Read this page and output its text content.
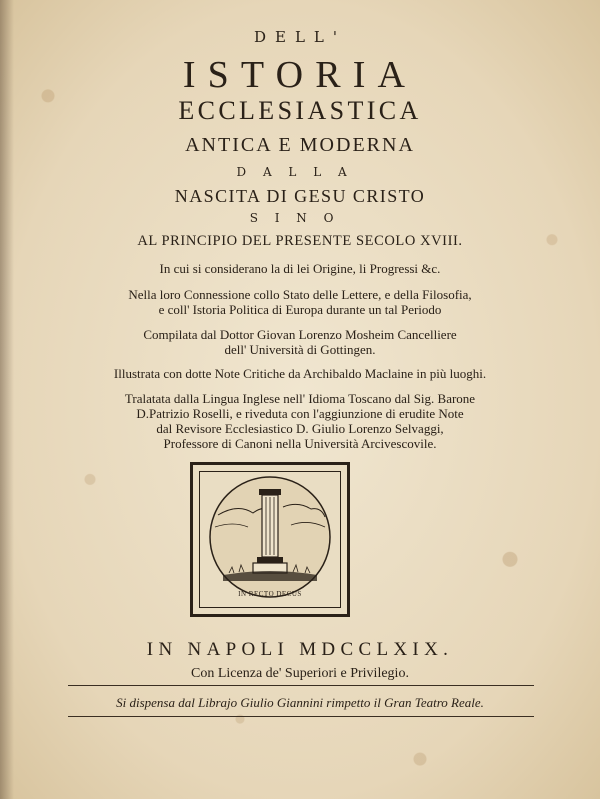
DELL'
ISTORIA
ECCLESIASTICA
ANTICA E MODERNA
DALLA
NASCITA DI GESU CRISTO
SINO
AL PRINCIPIO DEL PRESENTE SECOLO XVIII.
In cui si considerano la di lei Origine, li Progressi &c.
Nella loro Connessione collo Stato delle Lettere, e della Filosofia,
e coll' Istoria Politica di Europa durante un tal Periodo
Compilata dal Dottor Giovan Lorenzo Mosheim Cancelliere
dell' Università di Gottingen.
Illustrata con dotte Note Critiche da Archibaldo Maclaine in più luoghi.
Tralatata dalla Lingua Inglese nell' Idioma Toscano dal Sig. Barone
D.Patrizio Roselli, e riveduta con l'aggiunzione di erudite Note
dal Revisore Ecclesiastico D. Giulio Lorenzo Selvaggi,
Professore di Canoni nella Università Arcivescovile.
IN RECTO DECUS
IN NAPOLI MDCCLXIX.
Con Licenza de' Superiori e Privilegio.
Si dispensa dal Librajo Giulio Giannini rimpetto il Gran Teatro Reale.
